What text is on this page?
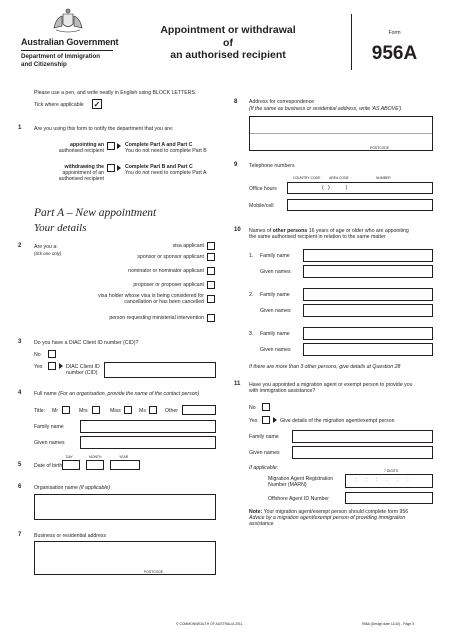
Australian Government
Department of Immigration
and Citizenship
Appointment or withdrawal of
an authorised recipient
Form
956A
Please use a pen, and write neatly in English using BLOCK LETTERS.
Tick where applicable ✓
1 Are you using this form to notify the department that you are:
appointing an
authorised recipient
Complete Part A and Part C
You do not need to complete Part B
withdrawing the
appointment of an
authorised recipient
Complete Part B and Part C
You do not need to complete Part A
Part A – New appointment
Your details
2 Are you a:
(tick one only)
visa applicant
sponsor or sponsor applicant
nominator or nominator applicant
proposer or proposer applicant
visa holder whose visa is being considered for
cancellation or has been cancelled
person requesting ministerial intervention
3 Do you have a DIAC Client ID number (CID)?
No
Yes	DIAC Client ID
number (CID)
4 Full name (For an organisation, provide the name of the contact person)
Title: Mr	Mrs	Miss	Ms	Other
Family name
Given names
DAY	MONTH	YEAR
5 Date of birth
6 Organisation name (if applicable)
7 Business or residential address
POSTCODE
8 Address for correspondence
(If the same as business or residential address, write 'AS ABOVE')
POSTCODE
9 Telephone numbers
COUNTRY CODE	AREA CODE	NUMBER
Office hours	(   )           )
Mobile/cell
10 Names of other persons 16 years of age or older who are appointing
the same authorised recipient in relation to the same matter
1. Family name
Given names
2. Family name
Given names
3. Family name
Given names
If there are more than 3 other persons, give details at Question 28
11 Have you appointed a migration agent or exempt person to provide you
with immigration assistance?
No
Yes	Give details of the migration agent/exempt person
Family name
Given names
If applicable:	7 DIGITS
Migration Agent Registration
Number (MARN)
::::::
Offshore Agent ID Number
Note: Your migration agent/exempt person should complete form 956
Advice by a migration agent/exempt person of providing immigration
assistance
© COMMONWEALTH OF AUSTRALIA 2011	956A (Design date 11/10) - Page 3
